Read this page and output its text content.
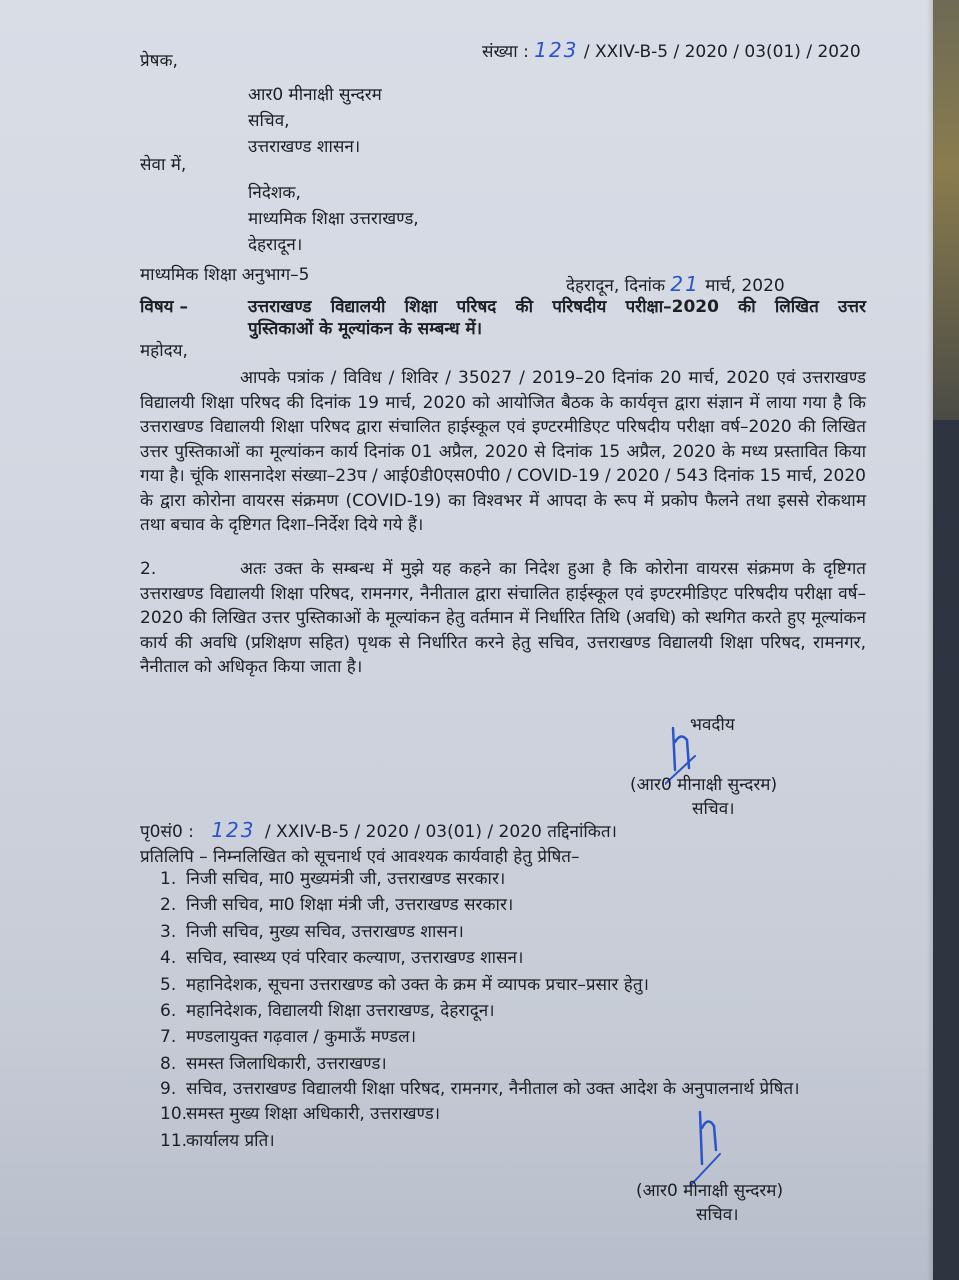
प्रेषक,	संख्या : 123 / XXIV-B-5 / 2020 / 03(01) / 2020
आर0 मीनाक्षी सुन्दरम
सचिव,
उत्तराखण्ड शासन।
सेवा में,
निदेशक,
माध्यमिक शिक्षा उत्तराखण्ड,
देहरादून।
माध्यमिक शिक्षा अनुभाग–5
देहरादून, दिनांक 21 मार्च, 2020
विषय –	उत्तराखण्ड विद्यालयी शिक्षा परिषद की परिषदीय परीक्षा–2020 की लिखित उत्तर
पुस्तिकाओं के मूल्यांकन के सम्बन्ध में।
महोदय,
आपके पत्रांक / विविध / शिविर / 35027 / 2019–20 दिनांक 20 मार्च, 2020 एवं उत्तराखण्ड विद्यालयी शिक्षा परिषद की दिनांक 19 मार्च, 2020 को आयोजित बैठक के कार्यवृत्त द्वारा संज्ञान में लाया गया है कि उत्तराखण्ड विद्यालयी शिक्षा परिषद द्वारा संचालित हाईस्कूल एवं इण्टरमीडिएट परिषदीय परीक्षा वर्ष–2020 की लिखित उत्तर पुस्तिकाओं का मूल्यांकन कार्य दिनांक 01 अप्रैल, 2020 से दिनांक 15 अप्रैल, 2020 के मध्य प्रस्तावित किया गया है। चूंकि शासनादेश संख्या–23प / आई0डी0एस0पी0 / COVID-19 / 2020 / 543 दिनांक 15 मार्च, 2020 के द्वारा कोरोना वायरस संक्रमण (COVID-19) का विश्वभर में आपदा के रूप में प्रकोप फैलने तथा इससे रोकथाम तथा बचाव के दृष्टिगत दिशा–निर्देश दिये गये हैं।
2.	अतः उक्त के सम्बन्ध में मुझे यह कहने का निदेश हुआ है कि कोरोना वायरस संक्रमण के दृष्टिगत उत्तराखण्ड विद्यालयी शिक्षा परिषद, रामनगर, नैनीताल द्वारा संचालित हाईस्कूल एवं इण्टरमीडिएट परिषदीय परीक्षा वर्ष–2020 की लिखित उत्तर पुस्तिकाओं के मूल्यांकन हेतु वर्तमान में निर्धारित तिथि (अवधि) को स्थगित करते हुए मूल्यांकन कार्य की अवधि (प्रशिक्षण सहित) पृथक से निर्धारित करने हेतु सचिव, उत्तराखण्ड विद्यालयी शिक्षा परिषद, रामनगर, नैनीताल को अधिकृत किया जाता है।
भवदीय
(आर0 मीनाक्षी सुन्दरम)
सचिव।
पृ0सं0 : 123 / XXIV-B-5 / 2020 / 03(01) / 2020 तद्दिनांकित।
प्रतिलिपि – निम्नलिखित को सूचनार्थ एवं आवश्यक कार्यवाही हेतु प्रेषित–
1. निजी सचिव, मा0 मुख्यमंत्री जी, उत्तराखण्ड सरकार।
2. निजी सचिव, मा0 शिक्षा मंत्री जी, उत्तराखण्ड सरकार।
3. निजी सचिव, मुख्य सचिव, उत्तराखण्ड शासन।
4. सचिव, स्वास्थ्य एवं परिवार कल्याण, उत्तराखण्ड शासन।
5. महानिदेशक, सूचना उत्तराखण्ड को उक्त के क्रम में व्यापक प्रचार–प्रसार हेतु।
6. महानिदेशक, विद्यालयी शिक्षा उत्तराखण्ड, देहरादून।
7. मण्डलायुक्त गढ़वाल / कुमाऊँ मण्डल।
8. समस्त जिलाधिकारी, उत्तराखण्ड।
9. सचिव, उत्तराखण्ड विद्यालयी शिक्षा परिषद, रामनगर, नैनीताल को उक्त आदेश के अनुपालनार्थ प्रेषित।
10.
समस्त मुख्य शिक्षा अधिकारी, उत्तराखण्ड।
11.
कार्यालय प्रति।
(आर0 मीनाक्षी सुन्दरम)
सचिव।
